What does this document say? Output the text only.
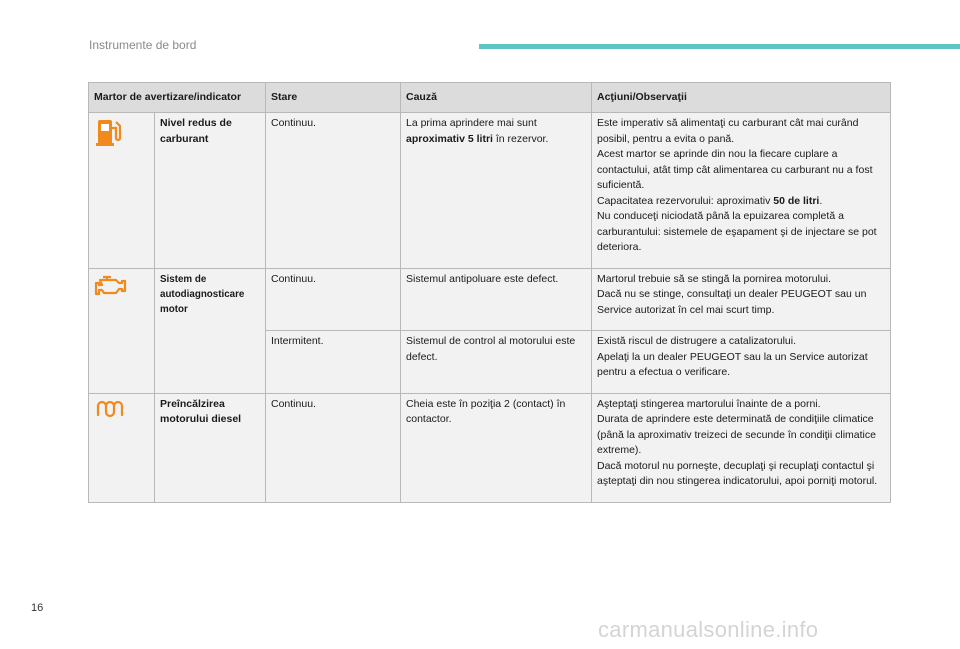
Instrumente de bord
Martor de avertizare/indicator		Stare	Cauză	Acţiuni/Observaţii
	Nivel redus de carburant	Continuu.	La prima aprindere mai sunt aproximativ 5 litri în rezervor.	Este imperativ să alimentaţi cu carburant cât mai curând posibil, pentru a evita o pană.
Acest martor se aprinde din nou la fiecare cuplare a contactului, atât timp cât alimentarea cu carburant nu a fost suficientă.
Capacitatea rezervorului: aproximativ 50 de litri.
Nu conduceţi niciodată până la epuizarea completă a carburantului: sistemele de eşapament şi de injectare se pot deteriora.

	Sistem de autodiagnosticare motor	Continuu.	Sistemul antipoluare este defect.	Martorul trebuie să se stingă la pornirea motorului.
Dacă nu se stinge, consultaţi un dealer PEUGEOT sau un Service autorizat în cel mai scurt timp.

		Intermitent.	Sistemul de control al motorului este defect.	Există riscul de distrugere a catalizatorului.
Apelaţi la un dealer PEUGEOT sau la un Service autorizat pentru a efectua o verificare.

	Preîncălzirea motorului diesel	Continuu.	Cheia este în poziţia 2 (contact) în contactor.	Aşteptaţi stingerea martorului înainte de a porni.
Durata de aprindere este determinată de condiţiile climatice (până la aproximativ treizeci de secunde în condiţii climatice extreme).
Dacă motorul nu porneşte, decuplaţi şi recuplaţi contactul şi aşteptaţi din nou stingerea indicatorului, apoi porniţi motorul.
16
carmanualsonline.info
